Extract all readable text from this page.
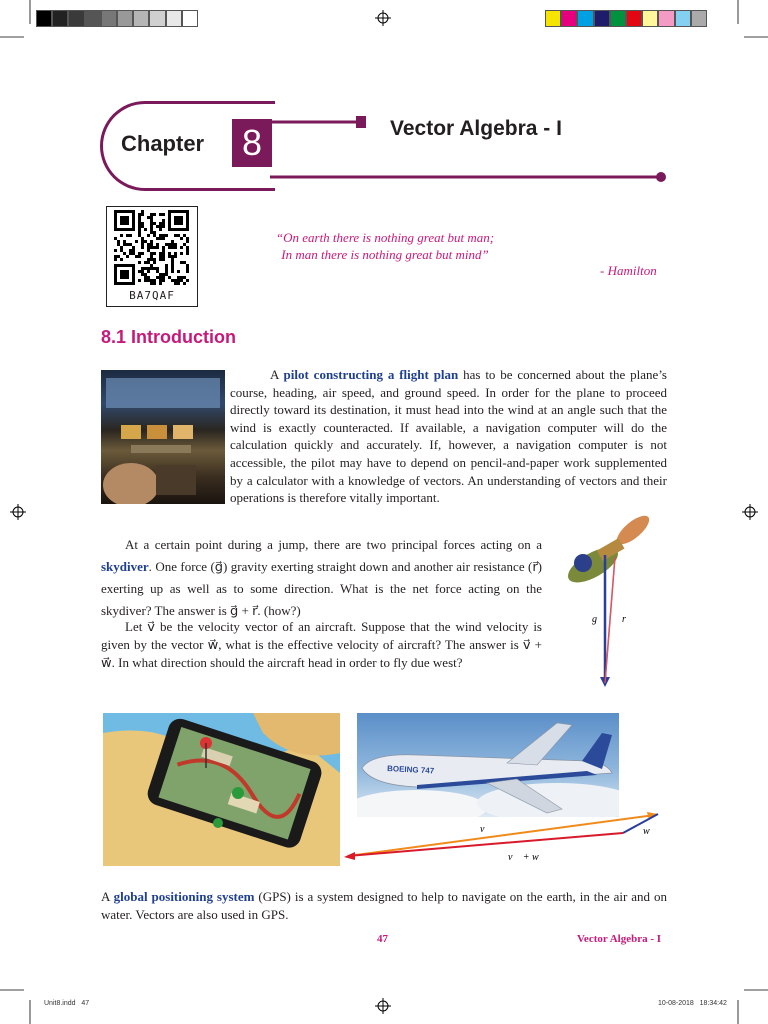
Chapter 8	Vector Algebra - I
BA7QAF
“On earth there is nothing great but man;
In man there is nothing great but mind”
- Hamilton
8.1 Introduction
A pilot constructing a flight plan has to be concerned about the plane’s course, heading, air speed, and ground speed. In order for the plane to proceed directly toward its destination, it must head into the wind at an angle such that the wind is exactly counteracted. If available, a navigation computer will do the calculation quickly and accurately. If, however, a navigation computer is not accessible, the pilot may have to depend on pencil-and-paper work supplemented by a calculator with a knowledge of vectors. An understanding of vectors and their operations is therefore vitally important.
At a certain point during a jump, there are two principal forces acting on a skydiver. One force (g⃗) gravity exerting straight down and another air resistance (r⃗) exerting up as well as to some direction. What is the net force acting on the skydiver? The answer is g⃗ + r⃗. (how?)
Let v⃗ be the velocity vector of an aircraft. Suppose that the wind velocity is given by the vector w⃗, what is the effective velocity of aircraft? The answer is v⃗ + w⃗. In what direction should the aircraft head in order to fly due west?
g⃗ r⃗
BOEING 747
v⃗	w⃗
v⃗ + w⃗
A global positioning system (GPS) is a system designed to help to navigate on the earth, in the air and on water. Vectors are also used in GPS.
47	Vector Algebra - I
Unit8.indd   47	10-08-2018   18:34:42
